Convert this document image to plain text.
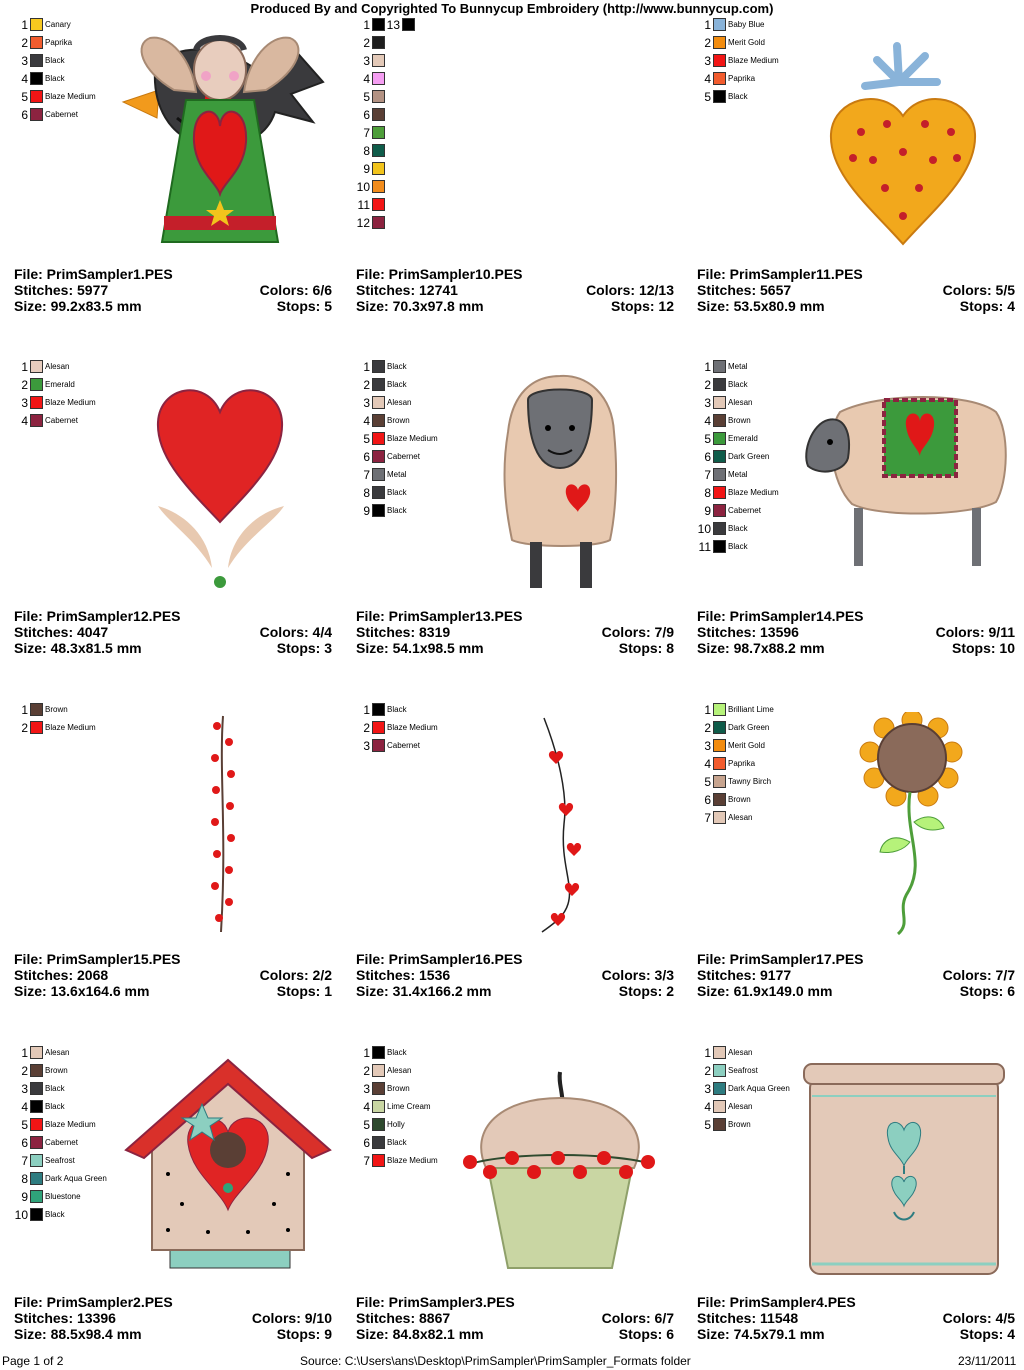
Produced By and Copyrighted To Bunnycup Embroidery (http://www.bunnycup.com)
1 Canary
2 Paprika
3 Black
4 Black
5 Blaze Medium
6 Cabernet
File: PrimSampler1.PES
Stitches: 5977	Colors: 6/6
Size: 99.2x83.5 mm	Stops: 5
1
2
3
4
5
6
7
8
9
10
11
12
13
File: PrimSampler10.PES
Stitches: 12741	Colors: 12/13
Size: 70.3x97.8 mm	Stops: 12
1 Baby Blue
2 Merit Gold
3 Blaze Medium
4 Paprika
5 Black
File: PrimSampler11.PES
Stitches: 5657	Colors: 5/5
Size: 53.5x80.9 mm	Stops: 4
1 Alesan
2 Emerald
3 Blaze Medium
4 Cabernet
File: PrimSampler12.PES
Stitches: 4047	Colors: 4/4
Size: 48.3x81.5 mm	Stops: 3
1 Black
2 Black
3 Alesan
4 Brown
5 Blaze Medium
6 Cabernet
7 Metal
8 Black
9 Black
File: PrimSampler13.PES
Stitches: 8319	Colors: 7/9
Size: 54.1x98.5 mm	Stops: 8
1 Metal
2 Black
3 Alesan
4 Brown
5 Emerald
6 Dark Green
7 Metal
8 Blaze Medium
9 Cabernet
10 Black
11 Black
File: PrimSampler14.PES
Stitches: 13596	Colors: 9/11
Size: 98.7x88.2 mm	Stops: 10
1 Brown
2 Blaze Medium
File: PrimSampler15.PES
Stitches: 2068	Colors: 2/2
Size: 13.6x164.6 mm	Stops: 1
1 Black
2 Blaze Medium
3 Cabernet
File: PrimSampler16.PES
Stitches: 1536	Colors: 3/3
Size: 31.4x166.2 mm	Stops: 2
1 Brilliant Lime
2 Dark Green
3 Merit Gold
4 Paprika
5 Tawny Birch
6 Brown
7 Alesan
File: PrimSampler17.PES
Stitches: 9177	Colors: 7/7
Size: 61.9x149.0 mm	Stops: 6
1 Alesan
2 Brown
3 Black
4 Black
5 Blaze Medium
6 Cabernet
7 Seafrost
8 Dark Aqua Green
9 Bluestone
10 Black
File: PrimSampler2.PES
Stitches: 13396	Colors: 9/10
Size: 88.5x98.4 mm	Stops: 9
1 Black
2 Alesan
3 Brown
4 Lime Cream
5 Holly
6 Black
7 Blaze Medium
File: PrimSampler3.PES
Stitches: 8867	Colors: 6/7
Size: 84.8x82.1 mm	Stops: 6
1 Alesan
2 Seafrost
3 Dark Aqua Green
4 Alesan
5 Brown
File: PrimSampler4.PES
Stitches: 11548	Colors: 4/5
Size: 74.5x79.1 mm	Stops: 4
Page 1 of 2	Source: C:\Users\ans\Desktop\PrimSampler\PrimSampler_Formats folder	23/11/2011
